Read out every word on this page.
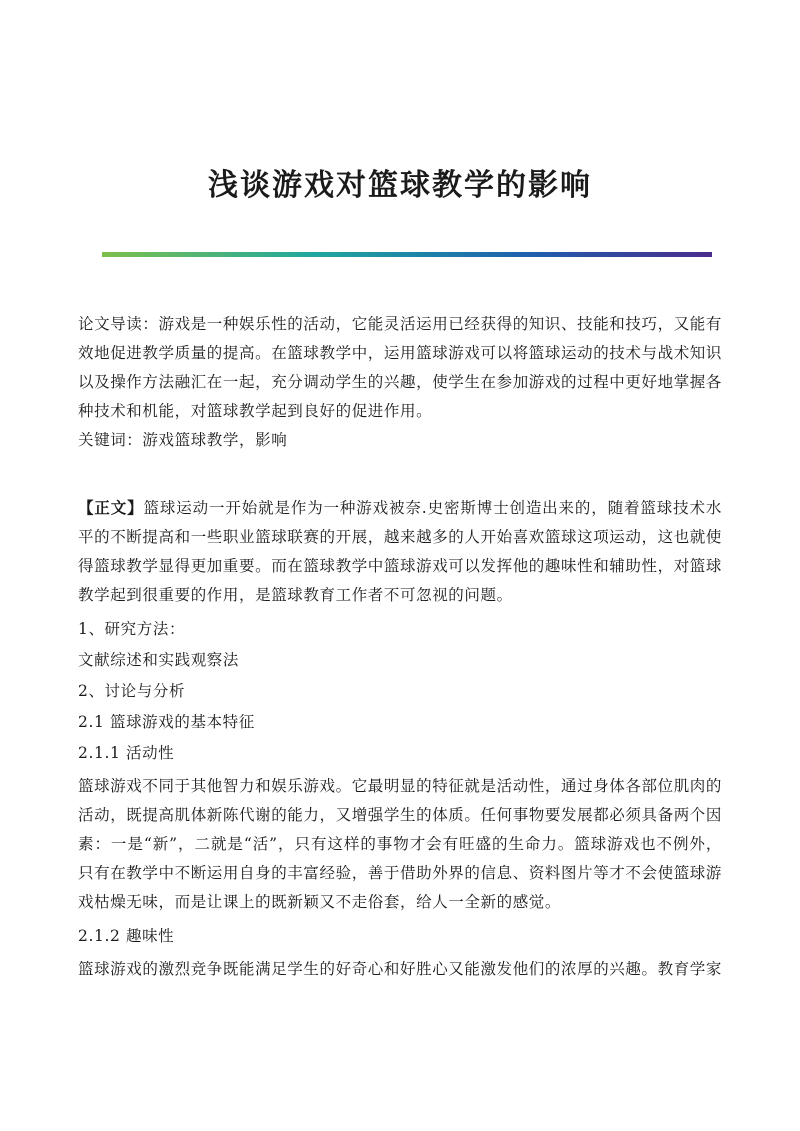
浅谈游戏对篮球教学的影响

论文导读：游戏是一种娱乐性的活动，它能灵活运用已经获得的知识、技能和技巧，又能有效地促进教学质量的提高。在篮球教学中，运用篮球游戏可以将篮球运动的技术与战术知识以及操作方法融汇在一起，充分调动学生的兴趣，使学生在参加游戏的过程中更好地掌握各种技术和机能，对篮球教学起到良好的促进作用。

关键词：游戏篮球教学，影响

【正文】篮球运动一开始就是作为一种游戏被奈.史密斯博士创造出来的，随着篮球技术水平的不断提高和一些职业篮球联赛的开展，越来越多的人开始喜欢篮球这项运动，这也就使得篮球教学显得更加重要。而在篮球教学中篮球游戏可以发挥他的趣味性和辅助性，对篮球教学起到很重要的作用，是篮球教育工作者不可忽视的问题。

1、研究方法：

文献综述和实践观察法

2、讨论与分析

2.1 篮球游戏的基本特征

2.1.1 活动性

篮球游戏不同于其他智力和娱乐游戏。它最明显的特征就是活动性，通过身体各部位肌肉的活动，既提高肌体新陈代谢的能力，又增强学生的体质。任何事物要发展都必须具备两个因素：一是“新”，二就是“活”，只有这样的事物才会有旺盛的生命力。篮球游戏也不例外，只有在教学中不断运用自身的丰富经验，善于借助外界的信息、资料图片等才不会使篮球游戏枯燥无味，而是让课上的既新颖又不走俗套，给人一全新的感觉。

2.1.2 趣味性

篮球游戏的激烈竞争既能满足学生的好奇心和好胜心又能激发他们的浓厚的兴趣。教育学家
